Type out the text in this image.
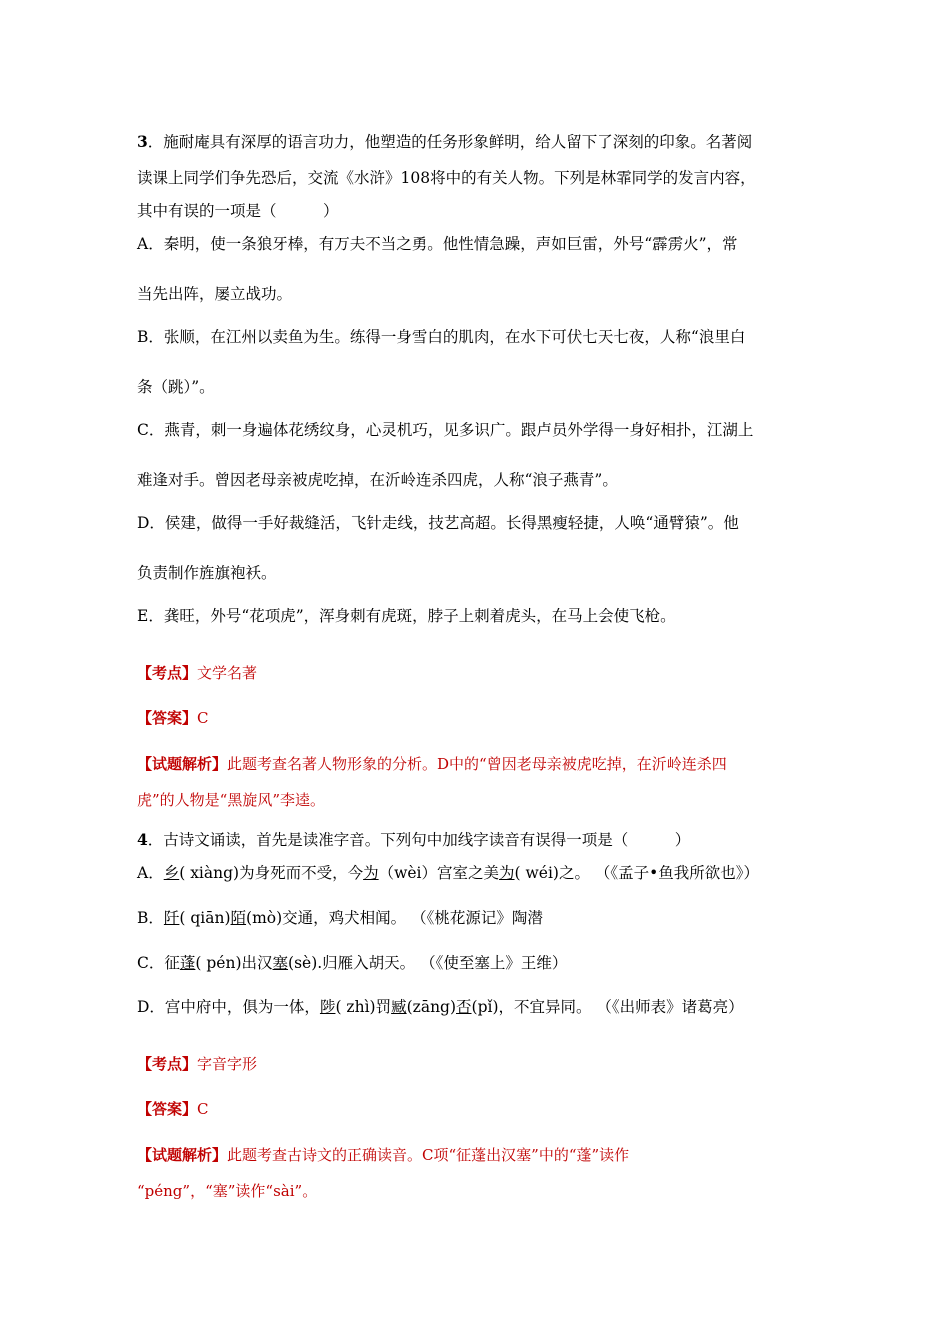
3．施耐庵具有深厚的语言功力，他塑造的任务形象鲜明，给人留下了深刻的印象。名著阅
读课上同学们争先恐后，交流《水浒》108将中的有关人物。下列是林霏同学的发言内容，
其中有误的一项是（　　　）
A．秦明，使一条狼牙棒，有万夫不当之勇。他性情急躁，声如巨雷，外号“霹雳火”，常
当先出阵，屡立战功。
B．张顺，在江州以卖鱼为生。练得一身雪白的肌肉，在水下可伏七天七夜，人称“浪里白
条（跳）”。
C．燕青，刺一身遍体花绣纹身，心灵机巧，见多识广。跟卢员外学得一身好相扑，江湖上
难逢对手。曾因老母亲被虎吃掉，在沂岭连杀四虎，人称“浪子燕青”。
D．侯建，做得一手好裁缝活，飞针走线，技艺高超。长得黑瘦轻捷，人唤“通臂猿”。他
负责制作旌旗袍袄。
E．龚旺，外号“花项虎”，浑身刺有虎斑，脖子上刺着虎头，在马上会使飞枪。
【考点】文学名著
【答案】C
【试题解析】此题考查名著人物形象的分析。D中的“曾因老母亲被虎吃掉，在沂岭连杀四
虎”的人物是“黑旋风”李逵。
4．古诗文诵读，首先是读准字音。下列句中加线字读音有误得一项是（　　　）
A．乡( xiàng)为身死而不受，今为（wèi）宫室之美为( wéi)之。 （《孟子•鱼我所欲也》）
B．阡( qiān)陌(mò)交通，鸡犬相闻。 （《桃花源记》陶潜
C．征蓬( pén)出汉塞(sè).归雁入胡天。 （《使至塞上》王维）
D．宫中府中，俱为一体，陟( zhì)罚臧(zāng)否(pǐ)，不宜异同。 （《出师表》诸葛亮）
【考点】字音字形
【答案】C
【试题解析】此题考查古诗文的正确读音。C项“征蓬出汉塞”中的“蓬”读作
“péng”，“塞”读作“sài”。
